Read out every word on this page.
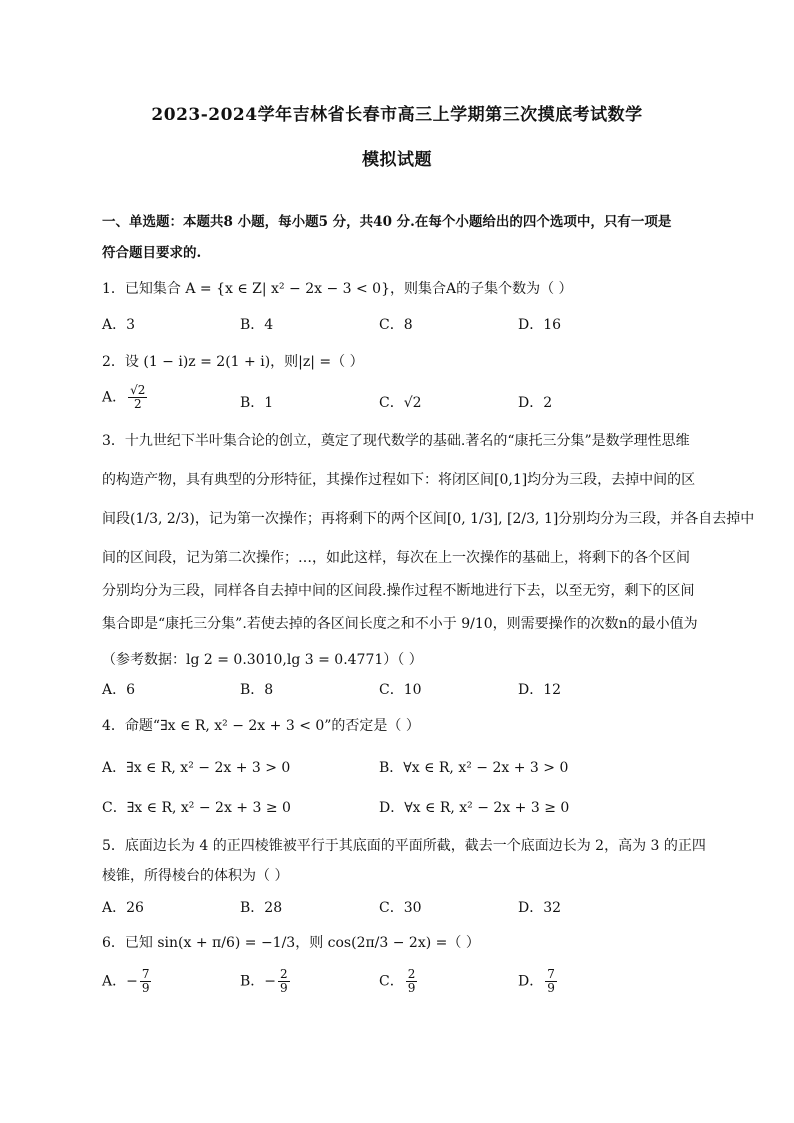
2023-2024学年吉林省长春市高三上学期第三次摸底考试数学
模拟试题
一、单选题：本题共8 小题，每小题5 分，共40 分.在每个小题给出的四个选项中，只有一项是
符合题目要求的.
1．已知集合 A = {x ∈ Z| x² − 2x − 3 < 0}，则集合A的子集个数为（ ）
A．3	B．4	C．8	D．16
2．设 (1 − i)z = 2(1 + i)，则|z| =（ ）
A． $\frac{√2}{2}$	B．1	C．√2	D．2
3．十九世纪下半叶集合论的创立，奠定了现代数学的基础.著名的“康托三分集”是数学理性思维
的构造产物，具有典型的分形特征，其操作过程如下：将闭区间[0,1]均分为三段，去掉中间的区
间段(1/3, 2/3)，记为第一次操作；再将剩下的两个区间[0, 1/3], [2/3, 1]分别均分为三段，并各自去掉中
间的区间段，记为第二次操作；…，如此这样，每次在上一次操作的基础上，将剩下的各个区间
分别均分为三段，同样各自去掉中间的区间段.操作过程不断地进行下去，以至无穷，剩下的区间
集合即是“康托三分集”.若使去掉的各区间长度之和不小于 9/10，则需要操作的次数n的最小值为
（参考数据：lg 2 = 0.3010,lg 3 = 0.4771）（ ）
A．6	B．8	C．10	D．12
4．命题“∃x ∈ R, x² − 2x + 3 < 0”的否定是（ ）
A．∃x ∈ R, x² − 2x + 3 > 0	B．∀x ∈ R, x² − 2x + 3 > 0
C．∃x ∈ R, x² − 2x + 3 ≥ 0	D．∀x ∈ R, x² − 2x + 3 ≥ 0
5．底面边长为 4 的正四棱锥被平行于其底面的平面所截，截去一个底面边长为 2，高为 3 的正四
棱锥，所得棱台的体积为（ ）
A．26	B．28	C．30	D．32
6．已知 sin(x + π/6) = −1/3，则 cos(2π/3 − 2x) =（ ）
A．− $\frac{7}{9}$	B．− $\frac{2}{9}$	C． $\frac{2}{9}$	D． $\frac{7}{9}$
